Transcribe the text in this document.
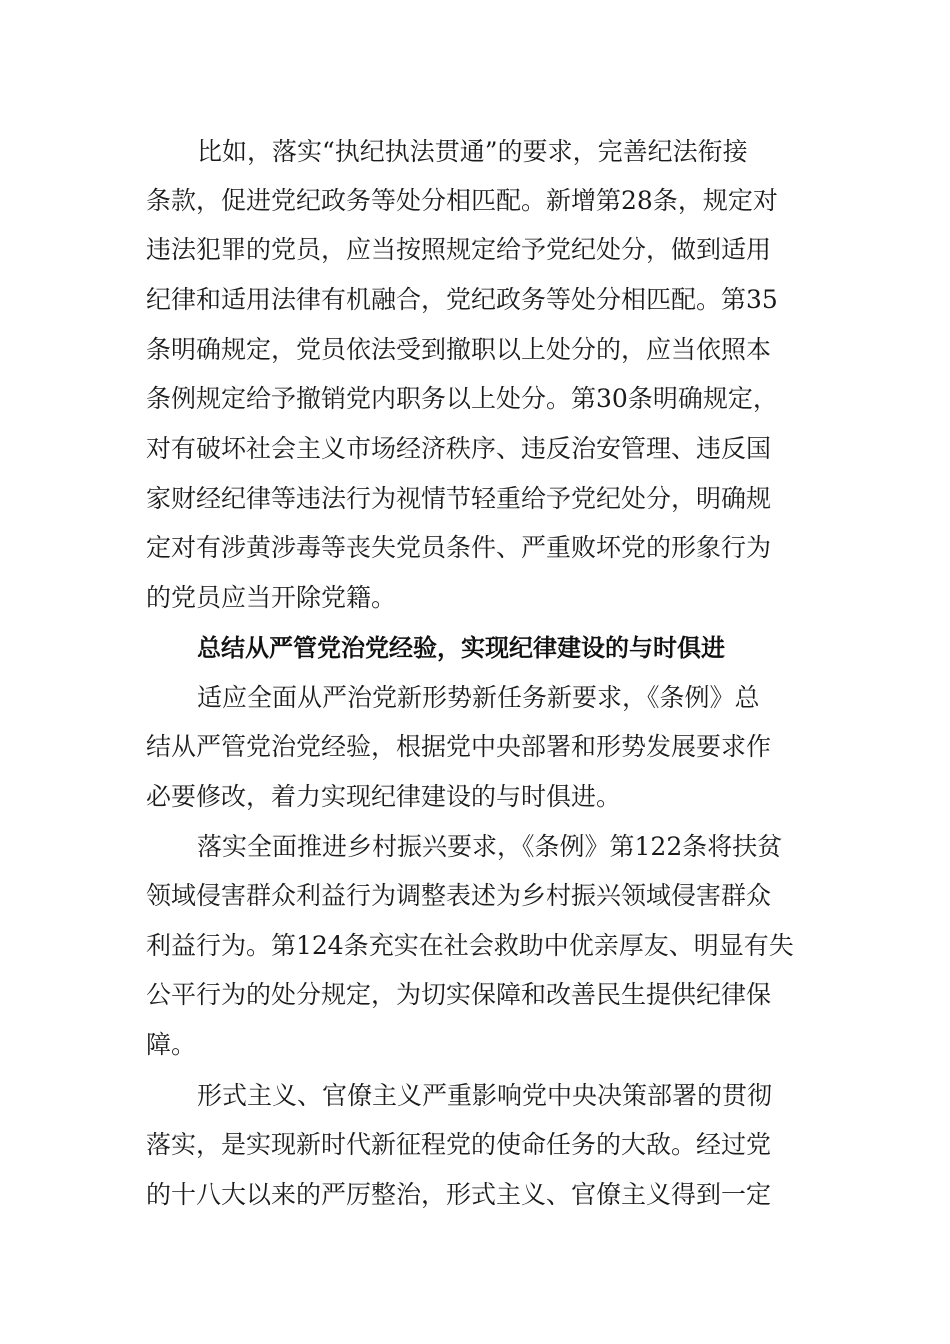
比如，落实“执纪执法贯通”的要求，完善纪法衔接
条款，促进党纪政务等处分相匹配。新增第28条，规定对
违法犯罪的党员，应当按照规定给予党纪处分，做到适用
纪律和适用法律有机融合，党纪政务等处分相匹配。第35
条明确规定，党员依法受到撤职以上处分的，应当依照本
条例规定给予撤销党内职务以上处分。第30条明确规定，
对有破坏社会主义市场经济秩序、违反治安管理、违反国
家财经纪律等违法行为视情节轻重给予党纪处分，明确规
定对有涉黄涉毒等丧失党员条件、严重败坏党的形象行为
的党员应当开除党籍。
总结从严管党治党经验，实现纪律建设的与时俱进
适应全面从严治党新形势新任务新要求，《条例》总
结从严管党治党经验，根据党中央部署和形势发展要求作
必要修改，着力实现纪律建设的与时俱进。
落实全面推进乡村振兴要求，《条例》第122条将扶贫
领域侵害群众利益行为调整表述为乡村振兴领域侵害群众
利益行为。第124条充实在社会救助中优亲厚友、明显有失
公平行为的处分规定，为切实保障和改善民生提供纪律保
障。
形式主义、官僚主义严重影响党中央决策部署的贯彻
落实，是实现新时代新征程党的使命任务的大敌。经过党
的十八大以来的严厉整治，形式主义、官僚主义得到一定
